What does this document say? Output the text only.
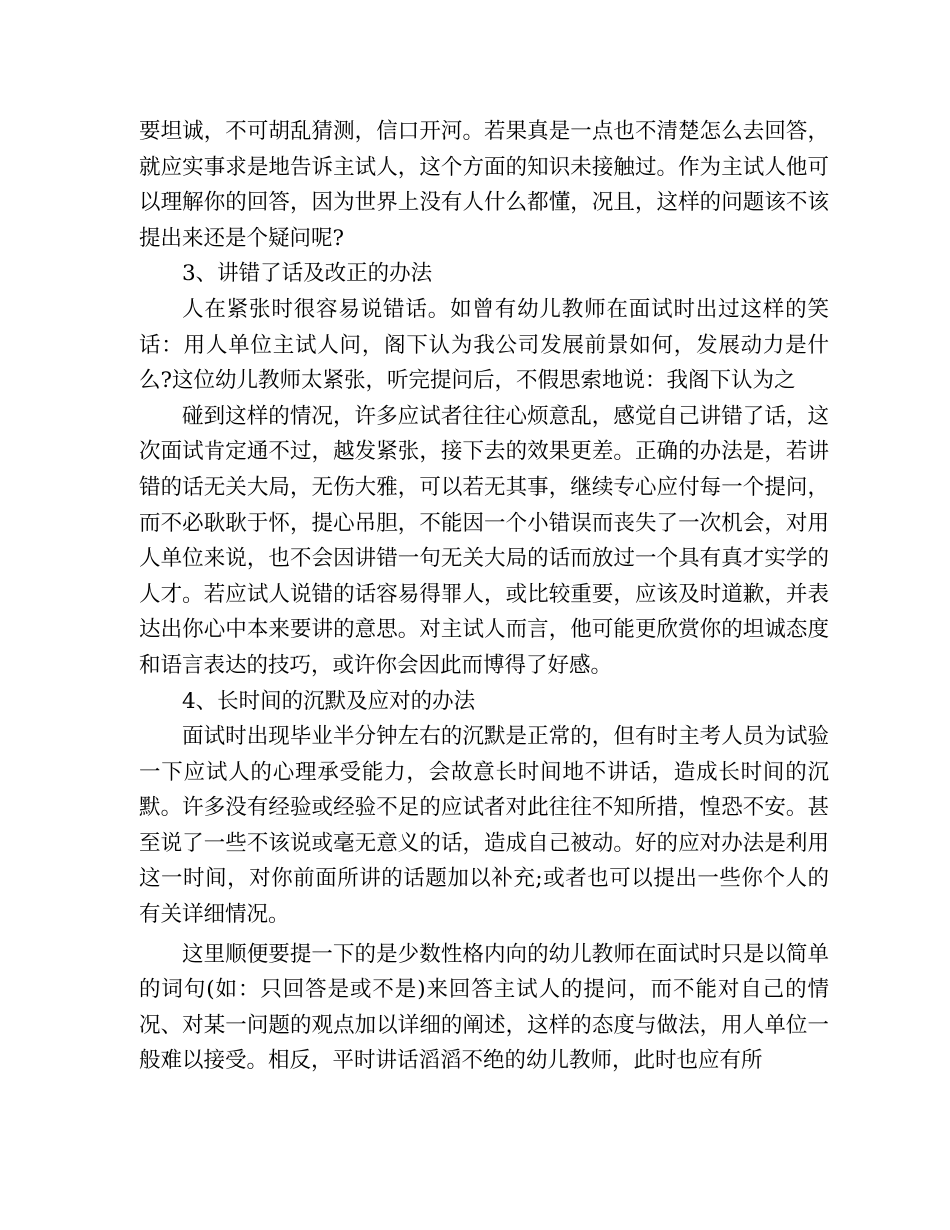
要坦诚，不可胡乱猜测，信口开河。若果真是一点也不清楚怎么去回答，就应实事求是地告诉主试人，这个方面的知识未接触过。作为主试人他可以理解你的回答，因为世界上没有人什么都懂，况且，这样的问题该不该提出来还是个疑问呢?

3、讲错了话及改正的办法

人在紧张时很容易说错话。如曾有幼儿教师在面试时出过这样的笑话：用人单位主试人问，阁下认为我公司发展前景如何，发展动力是什么?这位幼儿教师太紧张，听完提问后，不假思索地说：我阁下认为之

碰到这样的情况，许多应试者往往心烦意乱，感觉自己讲错了话，这次面试肯定通不过，越发紧张，接下去的效果更差。正确的办法是，若讲错的话无关大局，无伤大雅，可以若无其事，继续专心应付每一个提问，而不必耿耿于怀，提心吊胆，不能因一个小错误而丧失了一次机会，对用人单位来说，也不会因讲错一句无关大局的话而放过一个具有真才实学的人才。若应试人说错的话容易得罪人，或比较重要，应该及时道歉，并表达出你心中本来要讲的意思。对主试人而言，他可能更欣赏你的坦诚态度和语言表达的技巧，或许你会因此而博得了好感。

4、长时间的沉默及应对的办法

面试时出现毕业半分钟左右的沉默是正常的，但有时主考人员为试验一下应试人的心理承受能力，会故意长时间地不讲话，造成长时间的沉默。许多没有经验或经验不足的应试者对此往往不知所措，惶恐不安。甚至说了一些不该说或毫无意义的话，造成自己被动。好的应对办法是利用这一时间，对你前面所讲的话题加以补充;或者也可以提出一些你个人的有关详细情况。

这里顺便要提一下的是少数性格内向的幼儿教师在面试时只是以简单的词句(如：只回答是或不是)来回答主试人的提问，而不能对自己的情况、对某一问题的观点加以详细的阐述，这样的态度与做法，用人单位一般难以接受。相反，平时讲话滔滔不绝的幼儿教师，此时也应有所
